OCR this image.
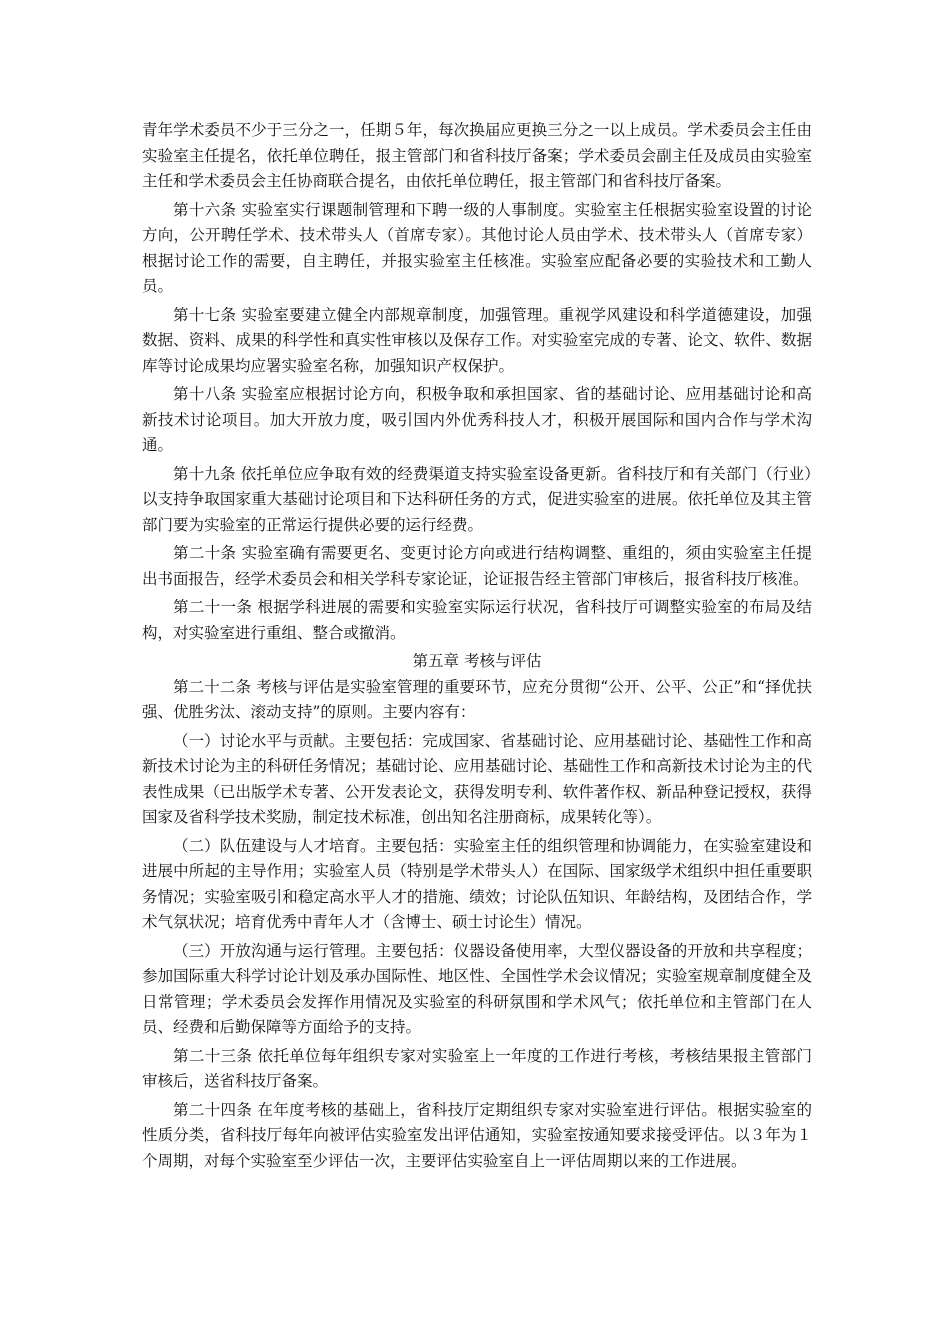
青年学术委员不少于三分之一，任期５年，每次换届应更换三分之一以上成员。学术委员会主任由实验室主任提名，依托单位聘任，报主管部门和省科技厅备案；学术委员会副主任及成员由实验室主任和学术委员会主任协商联合提名，由依托单位聘任，报主管部门和省科技厅备案。

第十六条 实验室实行课题制管理和下聘一级的人事制度。实验室主任根据实验室设置的讨论方向，公开聘任学术、技术带头人（首席专家）。其他讨论人员由学术、技术带头人（首席专家）根据讨论工作的需要，自主聘任，并报实验室主任核准。实验室应配备必要的实验技术和工勤人员。

第十七条 实验室要建立健全内部规章制度，加强管理。重视学风建设和科学道德建设，加强数据、资料、成果的科学性和真实性审核以及保存工作。对实验室完成的专著、论文、软件、数据库等讨论成果均应署实验室名称，加强知识产权保护。

第十八条 实验室应根据讨论方向，积极争取和承担国家、省的基础讨论、应用基础讨论和高新技术讨论项目。加大开放力度，吸引国内外优秀科技人才，积极开展国际和国内合作与学术沟通。

第十九条 依托单位应争取有效的经费渠道支持实验室设备更新。省科技厅和有关部门（行业）以支持争取国家重大基础讨论项目和下达科研任务的方式，促进实验室的进展。依托单位及其主管部门要为实验室的正常运行提供必要的运行经费。

第二十条 实验室确有需要更名、变更讨论方向或进行结构调整、重组的，须由实验室主任提出书面报告，经学术委员会和相关学科专家论证，论证报告经主管部门审核后，报省科技厅核准。

第二十一条 根据学科进展的需要和实验室实际运行状况，省科技厅可调整实验室的布局及结构，对实验室进行重组、整合或撤消。

第五章 考核与评估

第二十二条 考核与评估是实验室管理的重要环节，应充分贯彻“公开、公平、公正”和“择优扶强、优胜劣汰、滚动支持”的原则。主要内容有：

（一）讨论水平与贡献。主要包括：完成国家、省基础讨论、应用基础讨论、基础性工作和高新技术讨论为主的科研任务情况；基础讨论、应用基础讨论、基础性工作和高新技术讨论为主的代表性成果（已出版学术专著、公开发表论文，获得发明专利、软件著作权、新品种登记授权，获得国家及省科学技术奖励，制定技术标准，创出知名注册商标，成果转化等）。

（二）队伍建设与人才培育。主要包括：实验室主任的组织管理和协调能力，在实验室建设和进展中所起的主导作用；实验室人员（特别是学术带头人）在国际、国家级学术组织中担任重要职务情况；实验室吸引和稳定高水平人才的措施、绩效；讨论队伍知识、年龄结构，及团结合作，学术气氛状况；培育优秀中青年人才（含博士、硕士讨论生）情况。

（三）开放沟通与运行管理。主要包括：仪器设备使用率，大型仪器设备的开放和共享程度；参加国际重大科学讨论计划及承办国际性、地区性、全国性学术会议情况；实验室规章制度健全及日常管理；学术委员会发挥作用情况及实验室的科研氛围和学术风气；依托单位和主管部门在人员、经费和后勤保障等方面给予的支持。

第二十三条 依托单位每年组织专家对实验室上一年度的工作进行考核，考核结果报主管部门审核后，送省科技厅备案。

第二十四条 在年度考核的基础上，省科技厅定期组织专家对实验室进行评估。根据实验室的性质分类，省科技厅每年向被评估实验室发出评估通知，实验室按通知要求接受评估。以３年为１个周期，对每个实验室至少评估一次，主要评估实验室自上一评估周期以来的工作进展。
